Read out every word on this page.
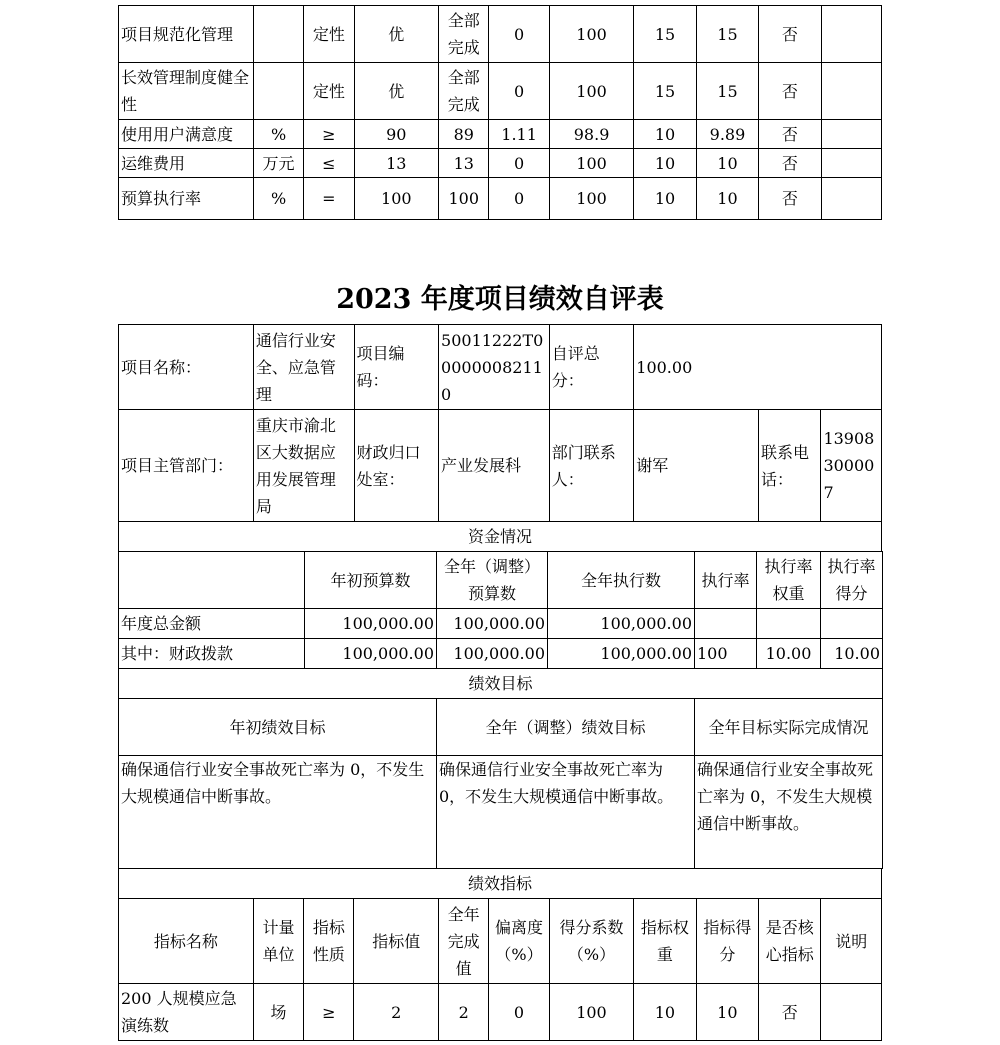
项目规范化管理		定性	优	全部完成	0	100	15	15	否	
长效管理制度健全性		定性	优	全部完成	0	100	15	15	否	
使用用户满意度	%	≥	90	89	1.11	98.9	10	9.89	否	
运维费用	万元	≤	13	13	0	100	10	10	否	
预算执行率	%	=	100	100	0	100	10	10	否	
2023 年度项目绩效自评表
项目名称：	通信行业安全、应急管理	项目编码：	50011222T000000082110	自评总分：	100.00		
项目主管部门：	重庆市渝北区大数据应用发展管理局	财政归口处室：	产业发展科	部门联系人：	谢军	联系电话：	13908300007
资金情况							
	年初预算数	全年（调整）预算数	全年执行数	执行率	执行率权重	执行率得分
年度总金额	100,000.00	100,000.00	100,000.00			
其中：财政拨款	100,000.00	100,000.00	100,000.00	100	10.00	10.00
绩效目标		
年初绩效目标	全年（调整）绩效目标	全年目标实际完成情况
确保通信行业安全事故死亡率为 0，不发生大规模通信中断事故。	确保通信行业安全事故死亡率为 0，不发生大规模通信中断事故。	确保通信行业安全事故死亡率为 0，不发生大规模通信中断事故。
绩效指标										
指标名称	计量单位	指标性质	指标值	全年完成值	偏离度（%）	得分系数（%）	指标权重	指标得分	是否核心指标	说明
200 人规模应急演练数	场	≥	2	2	0	100	10	10	否	
